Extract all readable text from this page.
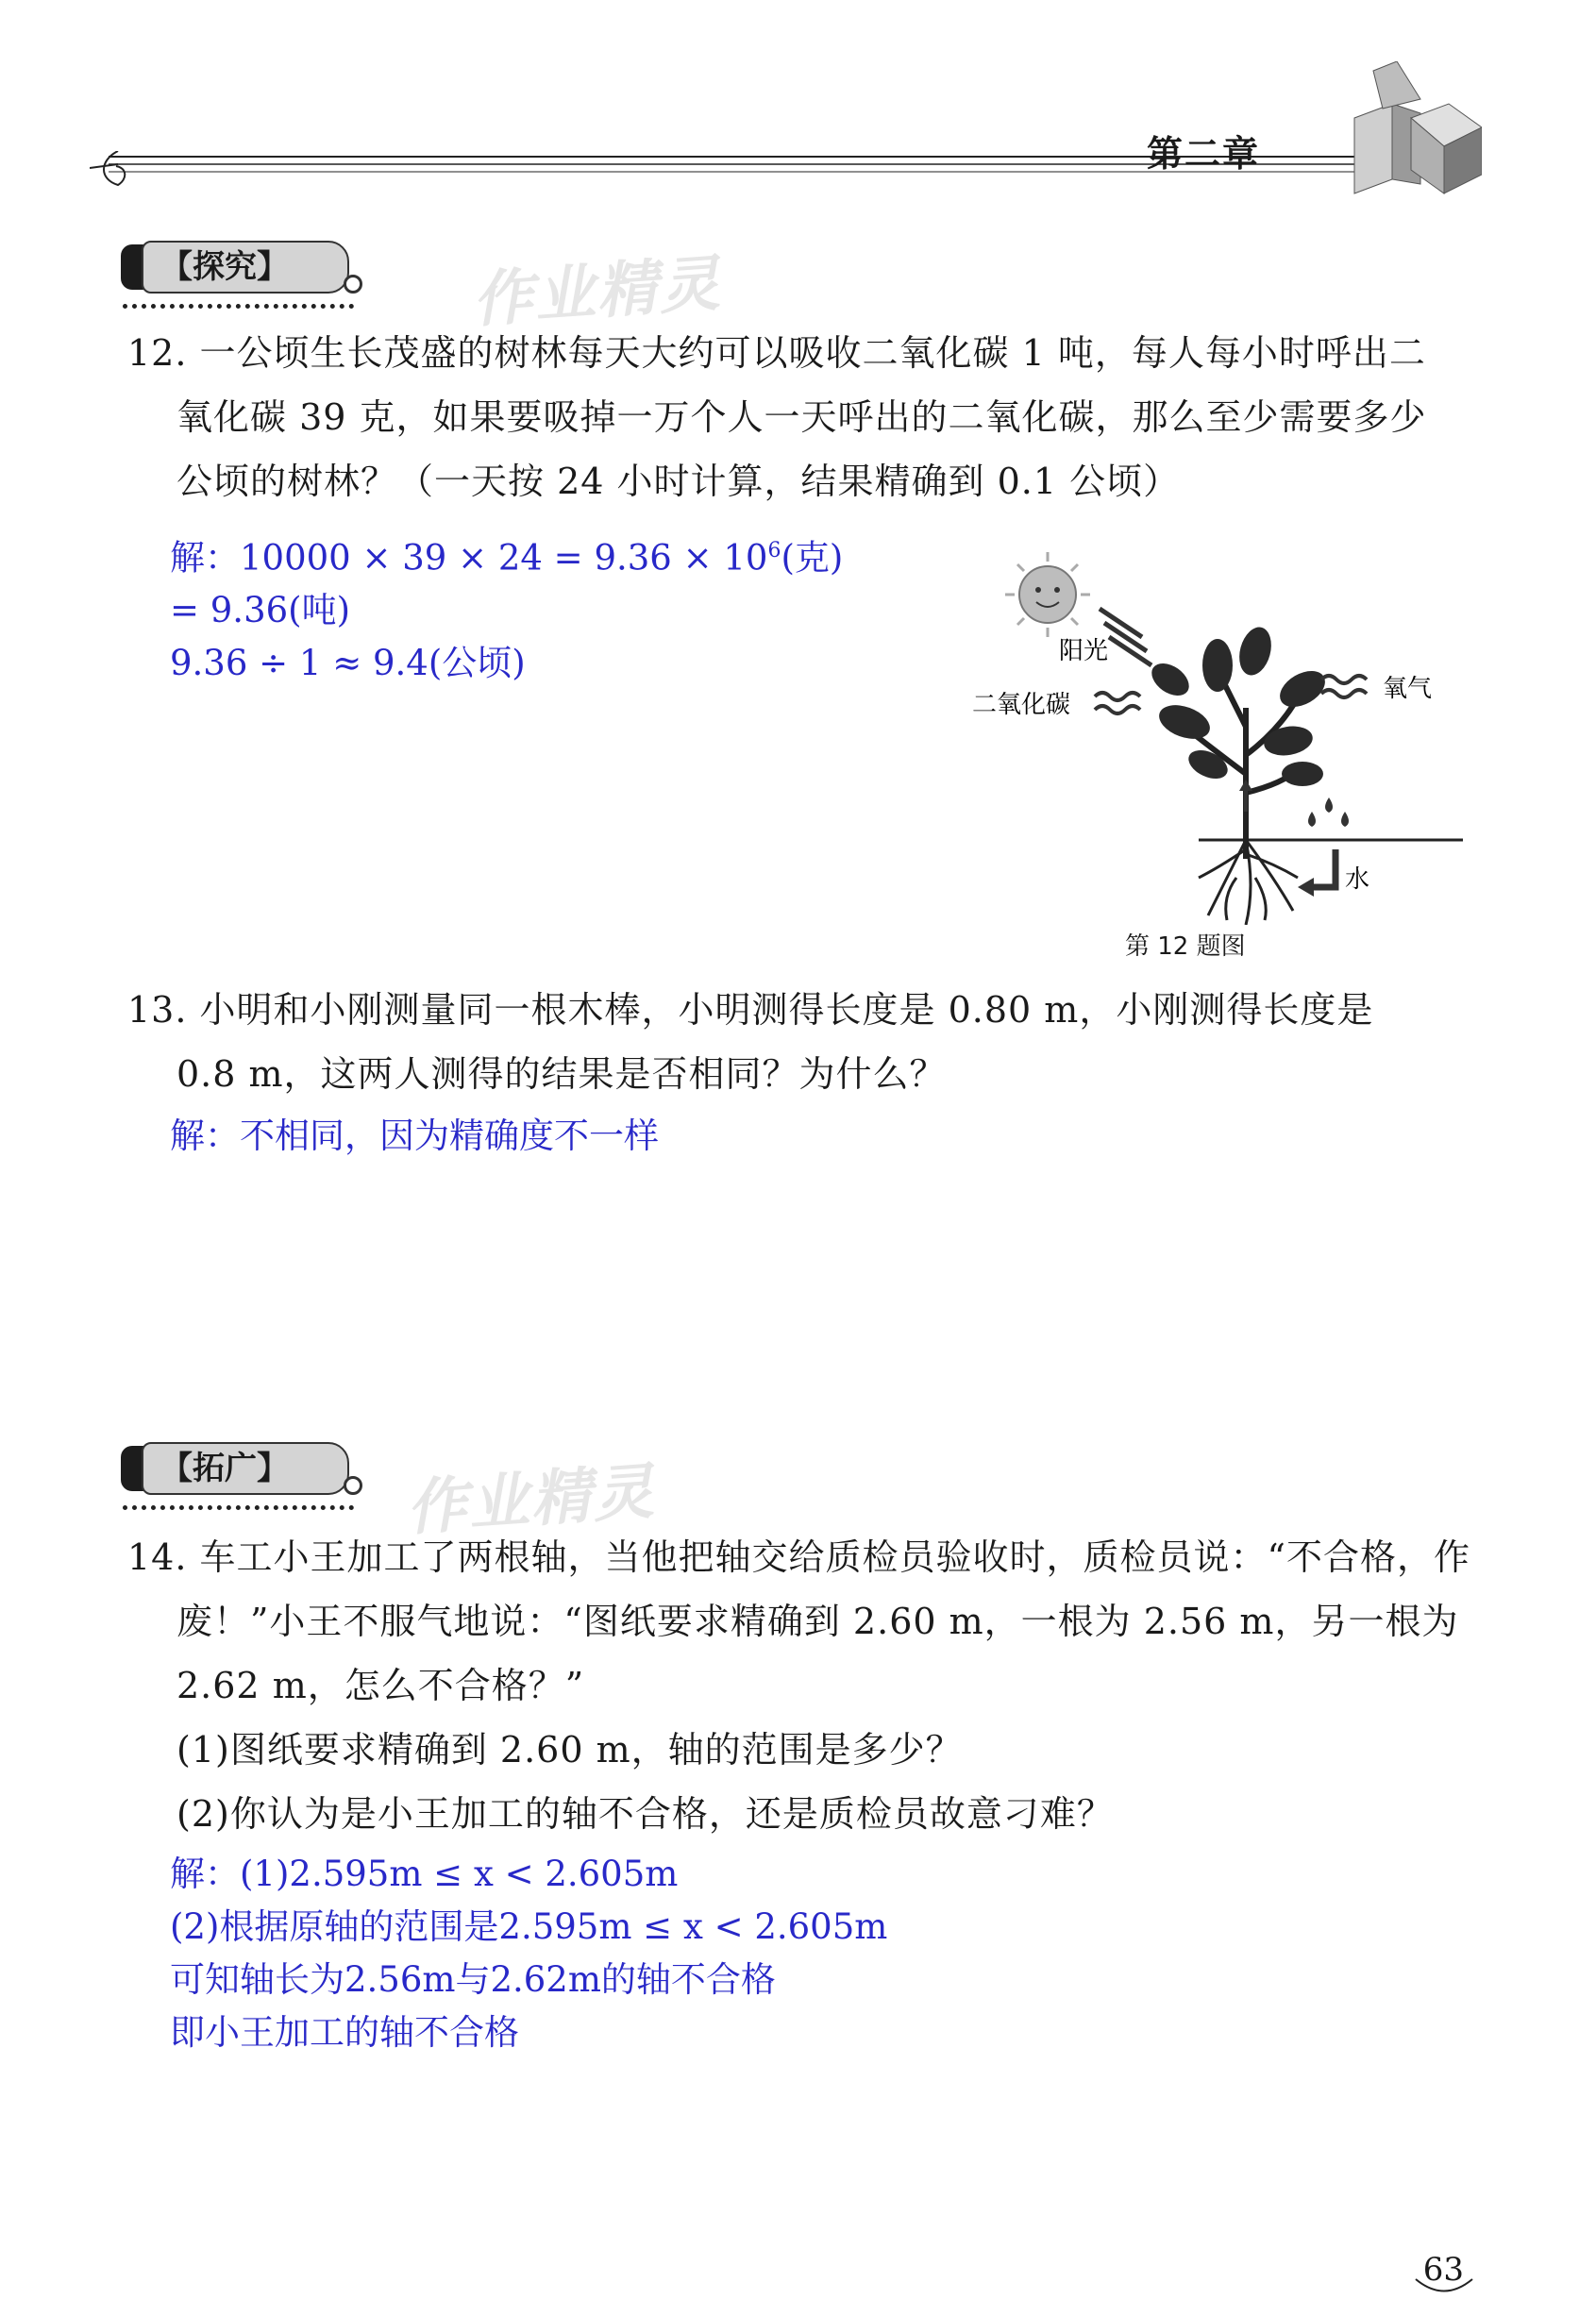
第二章
【探究】	作业精灵
12. 一公顷生长茂盛的树林每天大约可以吸收二氧化碳 1 吨，每人每小时呼出二
氧化碳 39 克，如果要吸掉一万个人一天呼出的二氧化碳，那么至少需要多少
公顷的树林？（一天按 24 小时计算，结果精确到 0.1 公顷）
解：$10000 \times 39 \times 24 = 9.36 \times 10^6$(克)
= 9.36(吨)
9.36 ÷ 1 ≈ 9.4(公顷)	阳光
二氧化碳
氧气
水
第 12 题图
13. 小明和小刚测量同一根木棒，小明测得长度是 0.80 m，小刚测得长度是
0.8 m，这两人测得的结果是否相同？为什么？
解：不相同，因为精确度不一样
【拓广】	作业精灵
14. 车工小王加工了两根轴，当他把轴交给质检员验收时，质检员说：“不合格，作
废！”小王不服气地说：“图纸要求精确到 2.60 m，一根为 2.56 m，另一根为
2.62 m，怎么不合格？”
(1)图纸要求精确到 2.60 m，轴的范围是多少？
(2)你认为是小王加工的轴不合格，还是质检员故意刁难？
解：(1)2.595m ≤ x < 2.605m
(2)根据原轴的范围是2.595m ≤ x < 2.605m
可知轴长为2.56m与2.62m的轴不合格
即小王加工的轴不合格
63
